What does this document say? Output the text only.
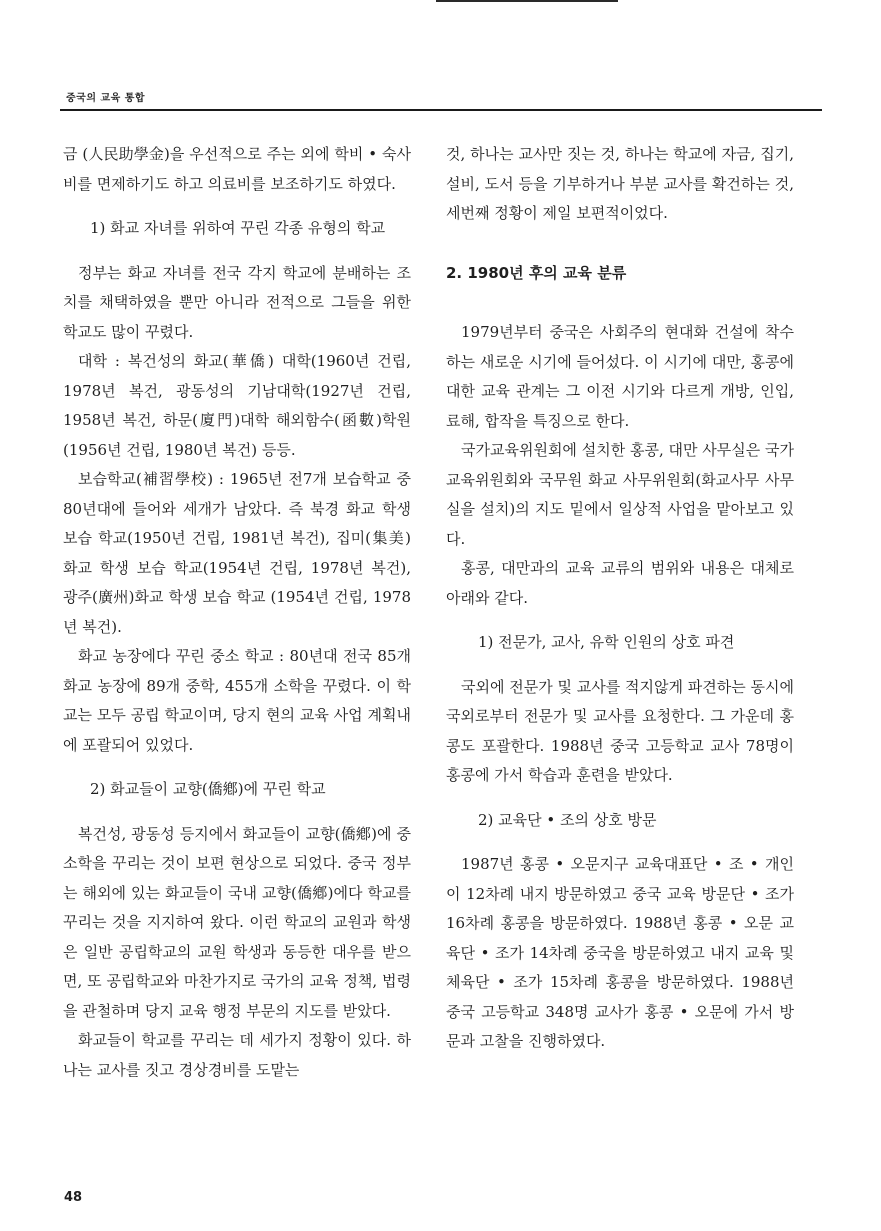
중국의 교육 통합

금 (人民助學金)을 우선적으로 주는 외에 학비 • 숙사비를 면제하기도 하고 의료비를 보조하기도 하였다.

1) 화교 자녀를 위하여 꾸린 각종 유형의 학교

정부는 화교 자녀를 전국 각지 학교에 분배하는 조치를 채택하였을 뿐만 아니라 전적으로 그들을 위한 학교도 많이 꾸렸다.

대학 : 복건성의 화교(華僑) 대학(1960년 건립, 1978년 복건, 광동성의 기남대학(1927년 건립, 1958년 복건, 하문(廈門)대학 해외함수(函數)학원 (1956년 건립, 1980년 복건) 등등.

보습학교(補習學校) : 1965년 전7개 보습학교 중 80년대에 들어와 세개가 남았다. 즉 북경 화교 학생 보습 학교(1950년 건립, 1981년 복건), 집미(集美) 화교 학생 보습 학교(1954년 건립, 1978년 복건), 광주(廣州)화교 학생 보습 학교 (1954년 건립, 1978년 복건).

화교 농장에다 꾸린 중소 학교 : 80년대 전국 85개 화교 농장에 89개 중학, 455개 소학을 꾸렸다. 이 학교는 모두 공립 학교이며, 당지 현의 교육 사업 계획내에 포괄되어 있었다.

2) 화교들이 교향(僑鄕)에 꾸린 학교

복건성, 광동성 등지에서 화교들이 교향(僑鄕)에 중소학을 꾸리는 것이 보편 현상으로 되었다. 중국 정부는 해외에 있는 화교들이 국내 교향(僑鄕)에다 학교를 꾸리는 것을 지지하여 왔다. 이런 학교의 교원과 학생은 일반 공립학교의 교원 학생과 동등한 대우를 받으면, 또 공립학교와 마찬가지로 국가의 교육 정책, 법령을 관철하며 당지 교육 행정 부문의 지도를 받았다.

화교들이 학교를 꾸리는 데 세가지 정황이 있다. 하나는 교사를 짓고 경상경비를 도맡는

것, 하나는 교사만 짓는 것, 하나는 학교에 자금, 집기, 설비, 도서 등을 기부하거나 부분 교사를 확건하는 것, 세번째 정황이 제일 보편적이었다.

2. 1980년 후의 교육 분류

1979년부터 중국은 사회주의 현대화 건설에 착수하는 새로운 시기에 들어섰다. 이 시기에 대만, 홍콩에 대한 교육 관계는 그 이전 시기와 다르게 개방, 인입, 료해, 합작을 특징으로 한다.

국가교육위원회에 설치한 홍콩, 대만 사무실은 국가교육위원회와 국무원 화교 사무위원회(화교사무 사무실을 설치)의 지도 밑에서 일상적 사업을 맡아보고 있다.

홍콩, 대만과의 교육 교류의 범위와 내용은 대체로 아래와 같다.

1) 전문가, 교사, 유학 인원의 상호 파견

국외에 전문가 및 교사를 적지않게 파견하는 동시에 국외로부터 전문가 및 교사를 요청한다. 그 가운데 홍콩도 포괄한다. 1988년 중국 고등학교 교사 78명이 홍콩에 가서 학습과 훈련을 받았다.

2) 교육단 • 조의 상호 방문

1987년 홍콩 • 오문지구 교육대표단 • 조 • 개인이 12차례 내지 방문하였고 중국 교육 방문단 • 조가 16차례 홍콩을 방문하였다. 1988년 홍콩 • 오문 교육단 • 조가 14차례 중국을 방문하였고 내지 교육 및 체육단 • 조가 15차례 홍콩을 방문하였다. 1988년 중국 고등학교 348명 교사가 홍콩 • 오문에 가서 방문과 고찰을 진행하였다.

48
